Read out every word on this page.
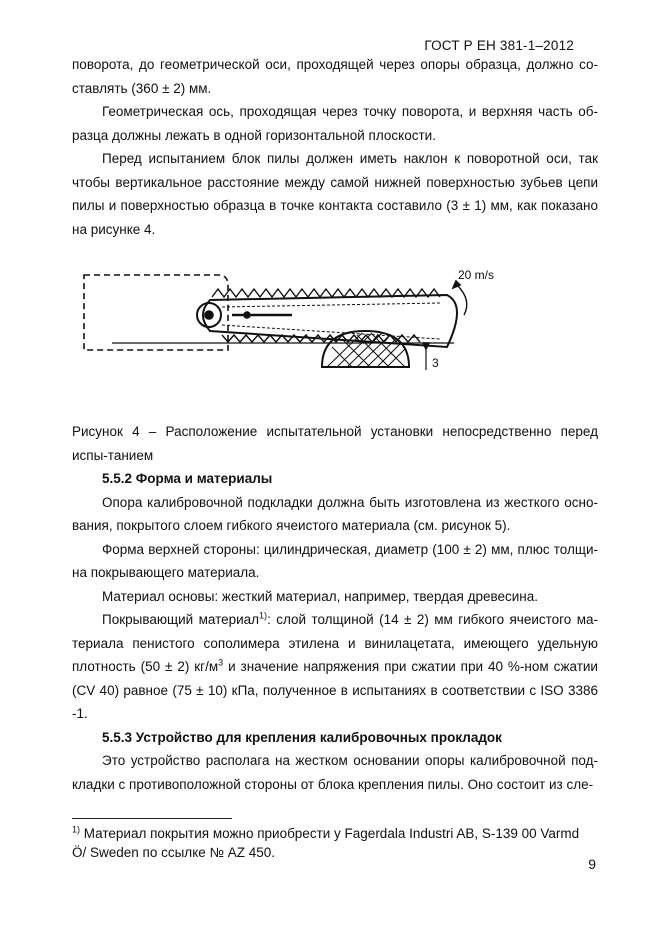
ГОСТ Р ЕН 381-1–2012

поворота, до геометрической оси, проходящей через опоры образца, должно со-ставлять (360 ± 2) мм.

Геометрическая ось, проходящая через точку поворота, и верхняя часть об-разца должны лежать в одной горизонтальной плоскости.

Перед испытанием блок пилы должен иметь наклон к поворотной оси, так чтобы вертикальное расстояние между самой нижней поверхностью зубьев цепи пилы и поверхностью образца в точке контакта составило (3 ± 1) мм, как показано на рисунке 4.

20 m/s
3

Рисунок 4 – Расположение испытательной установки непосредственно перед испы-танием

5.5.2 Форма и материалы

Опора калибровочной подкладки должна быть изготовлена из жесткого осно-вания, покрытого слоем гибкого ячеистого материала (см. рисунок 5).

Форма верхней стороны: цилиндрическая, диаметр (100 ± 2) мм, плюс толщи-на покрывающего материала.

Материал основы: жесткий материал, например, твердая древесина.

Покрывающий материал$^{1)}$: слой толщиной (14 ± 2) мм гибкого ячеистого ма-териала пенистого сополимера этилена и винилацетата, имеющего удельную плотность (50 ± 2) $кг/м^3$ и значение напряжения при сжатии при 40 %-ном сжатии (CV 40) равное (75 ± 10) кПа, полученное в испытаниях в соответствии с ISO 3386 -1.

5.5.3 Устройство для крепления калибровочных прокладок

Это устройство располага на жестком основании опоры калибровочной под-кладки с противоположной стороны от блока крепления пилы. Оно состоит из сле-

$^{1)}$ Материал покрытия можно приобрести у Fagerdala Industri AB, S-139 00 Varmd Ö/ Sweden по ссылке № AZ 450.
9
